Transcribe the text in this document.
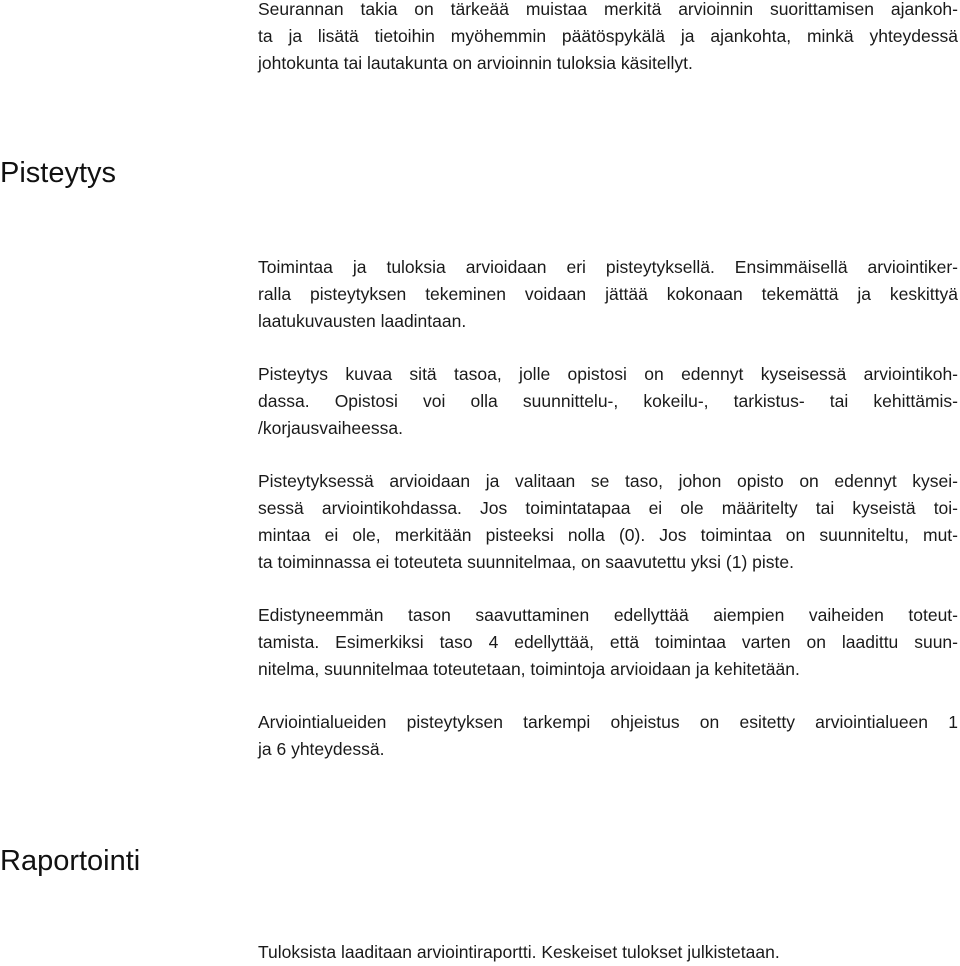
Seurannan takia on tärkeää muistaa merkitä arvioinnin suorittamisen ajankoh-
ta ja lisätä tietoihin myöhemmin päätöspykälä ja ajankohta, minkä yhteydessä
johtokunta tai lautakunta on arvioinnin tuloksia käsitellyt.

Pisteytys

Toimintaa ja tuloksia arvioidaan eri pisteytyksellä. Ensimmäisellä arviointiker-
ralla pisteytyksen tekeminen voidaan jättää kokonaan tekemättä ja keskittyä
laatukuvausten laadintaan.

Pisteytys kuvaa sitä tasoa, jolle opistosi on edennyt kyseisessä arviointikoh-
dassa. Opistosi voi olla suunnittelu-, kokeilu-, tarkistus- tai kehittämis-
/korjausvaiheessa.

Pisteytyksessä arvioidaan ja valitaan se taso, johon opisto on edennyt kysei-
sessä arviointikohdassa. Jos toimintatapaa ei ole määritelty tai kyseistä toi-
mintaa ei ole, merkitään pisteeksi nolla (0). Jos toimintaa on suunniteltu, mut-
ta toiminnassa ei toteuteta suunnitelmaa, on saavutettu yksi (1) piste.

Edistyneemmän tason saavuttaminen edellyttää aiempien vaiheiden toteut-
tamista. Esimerkiksi taso 4 edellyttää, että toimintaa varten on laadittu suun-
nitelma, suunnitelmaa toteutetaan, toimintoja arvioidaan ja kehitetään.

Arviointialueiden pisteytyksen tarkempi ohjeistus on esitetty arviointialueen 1
ja 6 yhteydessä.

Raportointi

Tuloksista laaditaan arviointiraportti. Keskeiset tulokset julkistetaan.
